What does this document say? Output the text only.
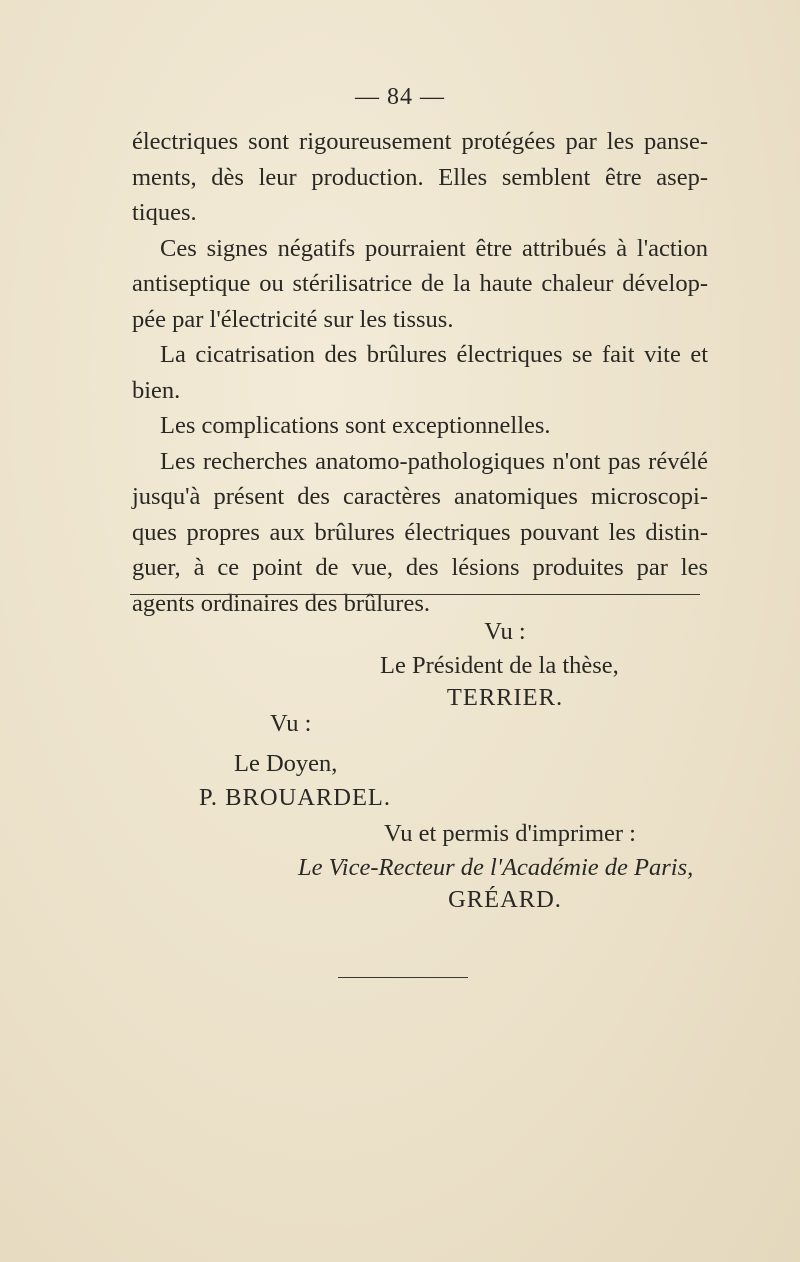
— 84 —

électriques sont rigoureusement protégées par les panse-ments, dès leur production. Elles semblent être asep-tiques.

Ces signes négatifs pourraient être attribués à l'action antiseptique ou stérilisatrice de la haute chaleur dévelop-pée par l'électricité sur les tissus.

La cicatrisation des brûlures électriques se fait vite et bien.

Les complications sont exceptionnelles.

Les recherches anatomo-pathologiques n'ont pas révélé jusqu'à présent des caractères anatomiques microscopi-ques propres aux brûlures électriques pouvant les distin-guer, à ce point de vue, des lésions produites par les agents ordinaires des brûlures.

Vu :
Le Président de la thèse,
TERRIER.
Vu :
Le Doyen,
P. BROUARDEL.
Vu et permis d'imprimer :
Le Vice-Recteur de l'Académie de Paris,
GRÉARD.
